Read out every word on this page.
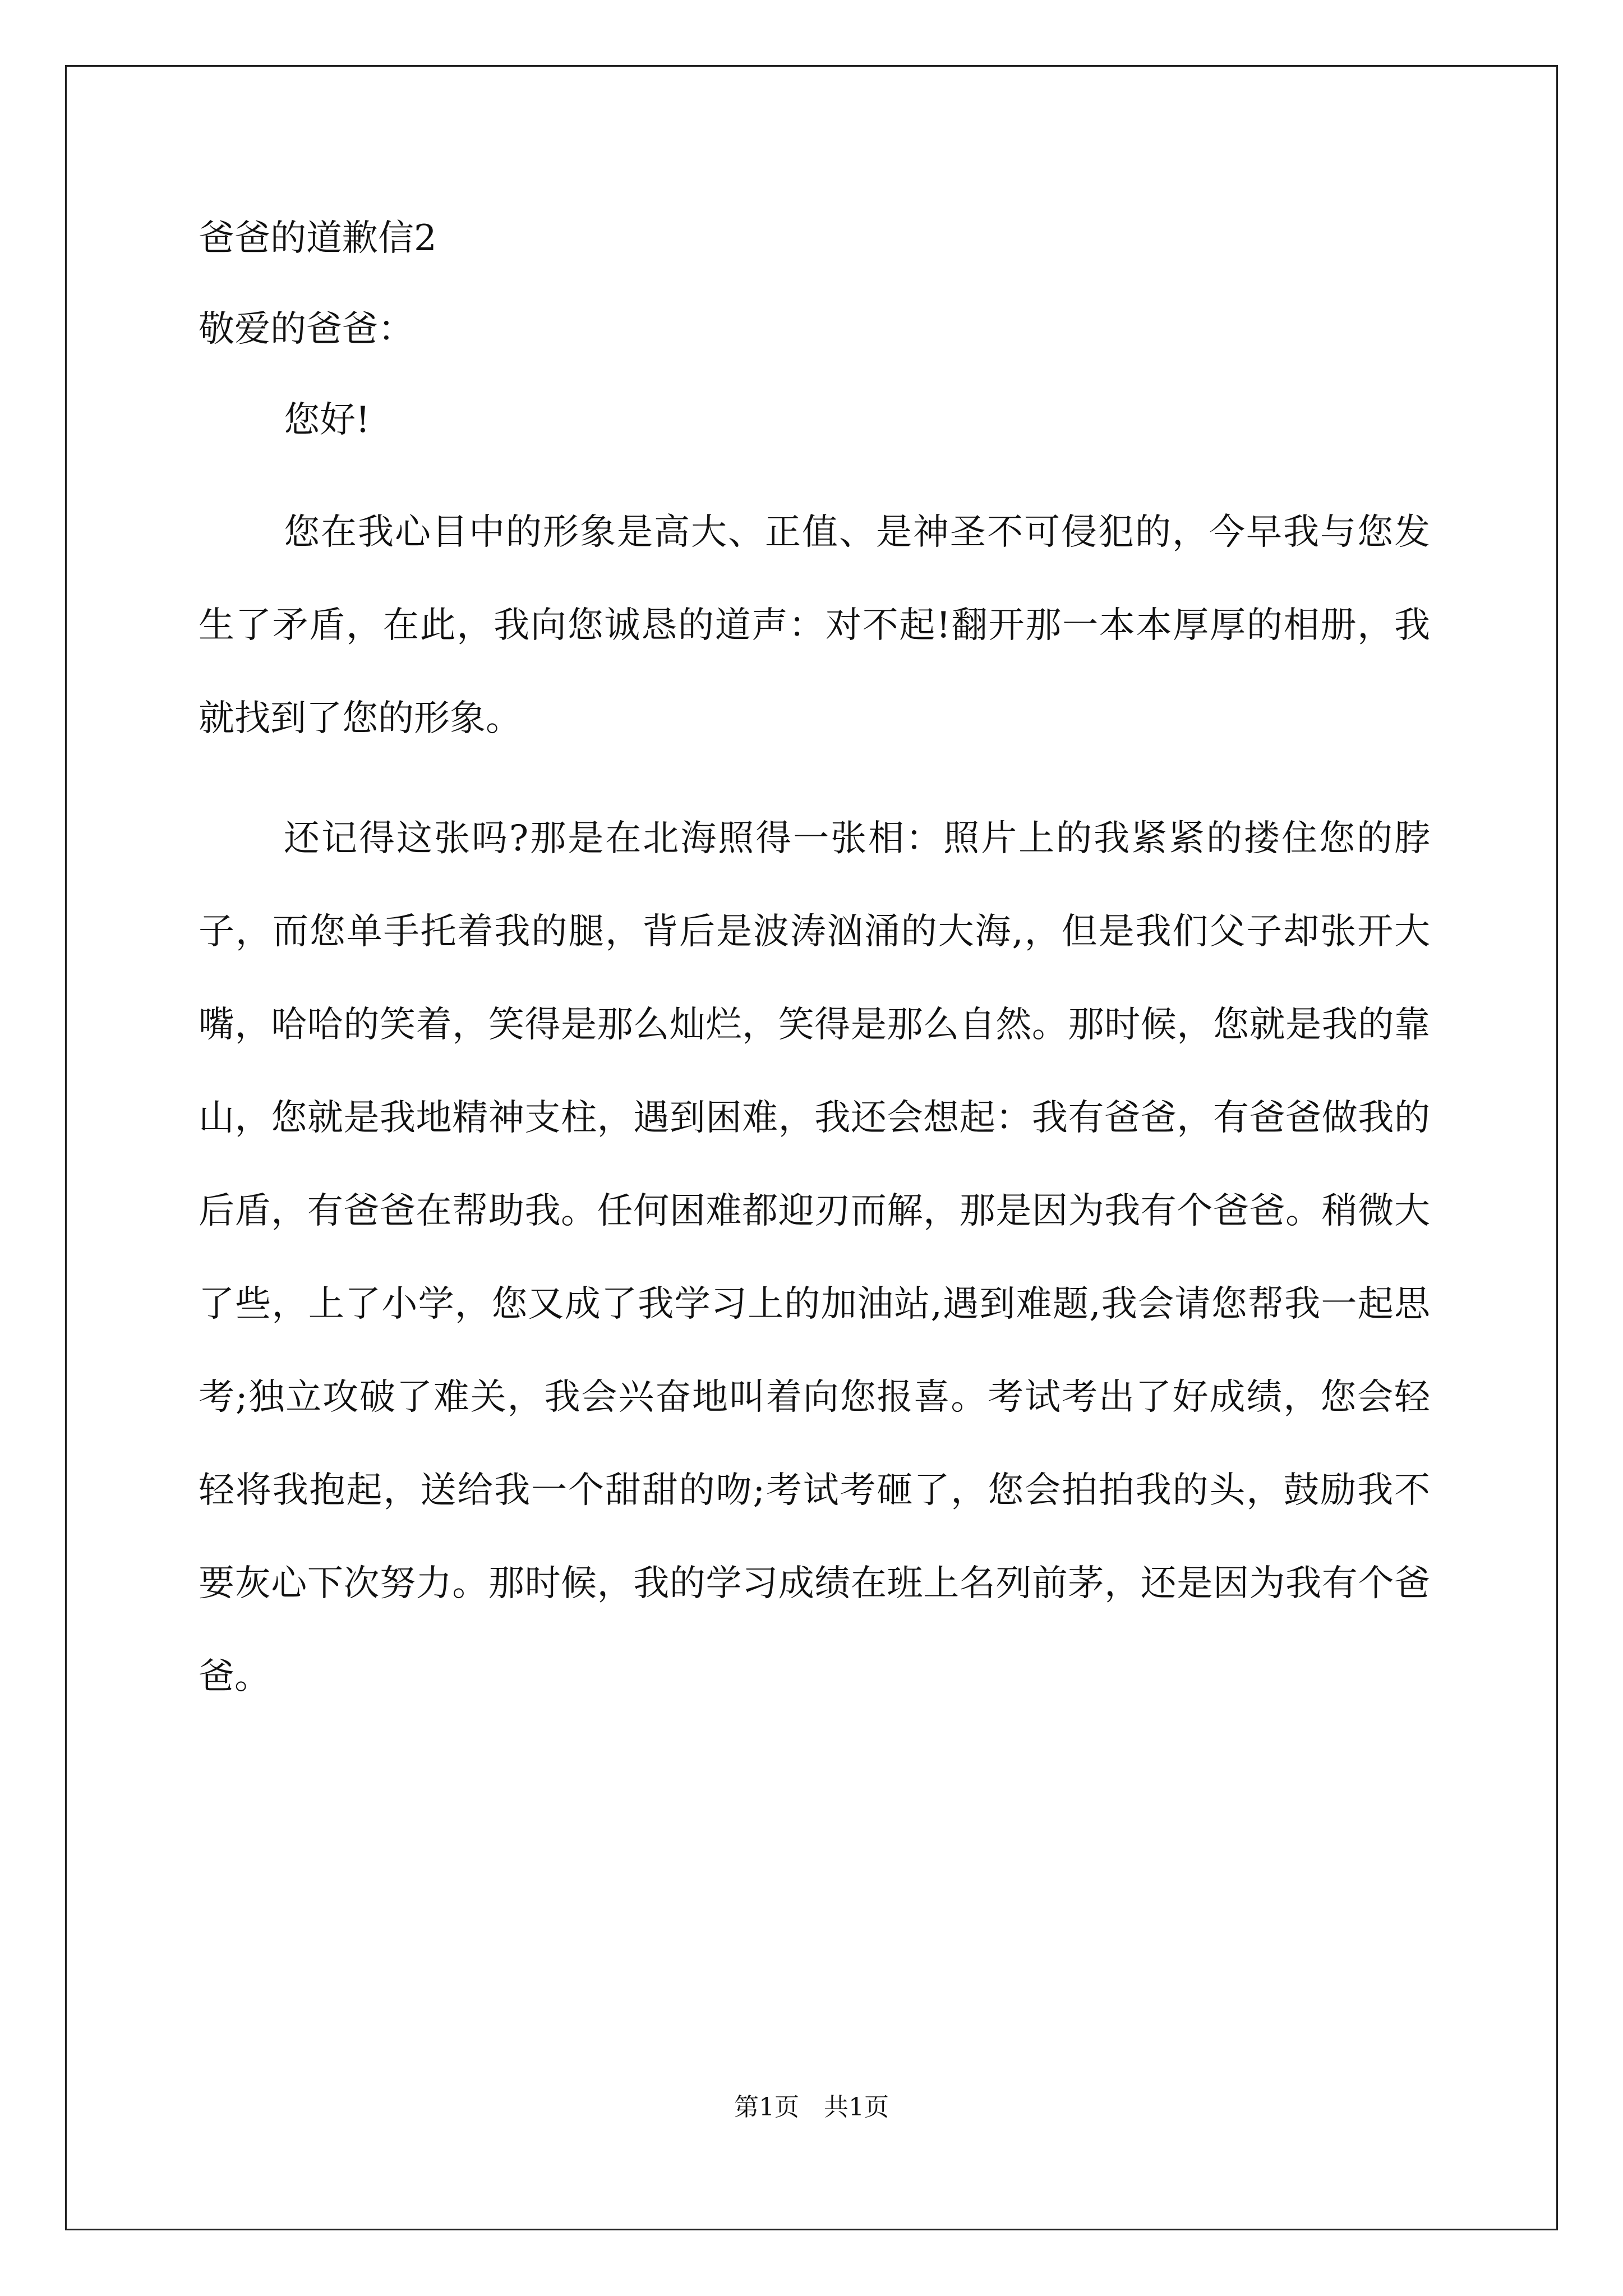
爸爸的道歉信2
敬爱的爸爸：
您好!

您在我心目中的形象是高大、正值、是神圣不可侵犯的，今早我与您发生了矛盾，在此，我向您诚恳的道声：对不起!翻开那一本本厚厚的相册，我就找到了您的形象。

还记得这张吗?那是在北海照得一张相：照片上的我紧紧的搂住您的脖子，而您单手托着我的腿，背后是波涛汹涌的大海,，但是我们父子却张开大嘴，哈哈的笑着，笑得是那么灿烂，笑得是那么自然。那时候，您就是我的靠山，您就是我地精神支柱，遇到困难，我还会想起：我有爸爸，有爸爸做我的后盾，有爸爸在帮助我。任何困难都迎刃而解，那是因为我有个爸爸。稍微大了些，上了小学，您又成了我学习上的加油站,遇到难题,我会请您帮我一起思考;独立攻破了难关，我会兴奋地叫着向您报喜。考试考出了好成绩，您会轻轻将我抱起，送给我一个甜甜的吻;考试考砸了，您会拍拍我的头，鼓励我不要灰心下次努力。那时候，我的学习成绩在班上名列前茅，还是因为我有个爸爸。

第1页　共1页
